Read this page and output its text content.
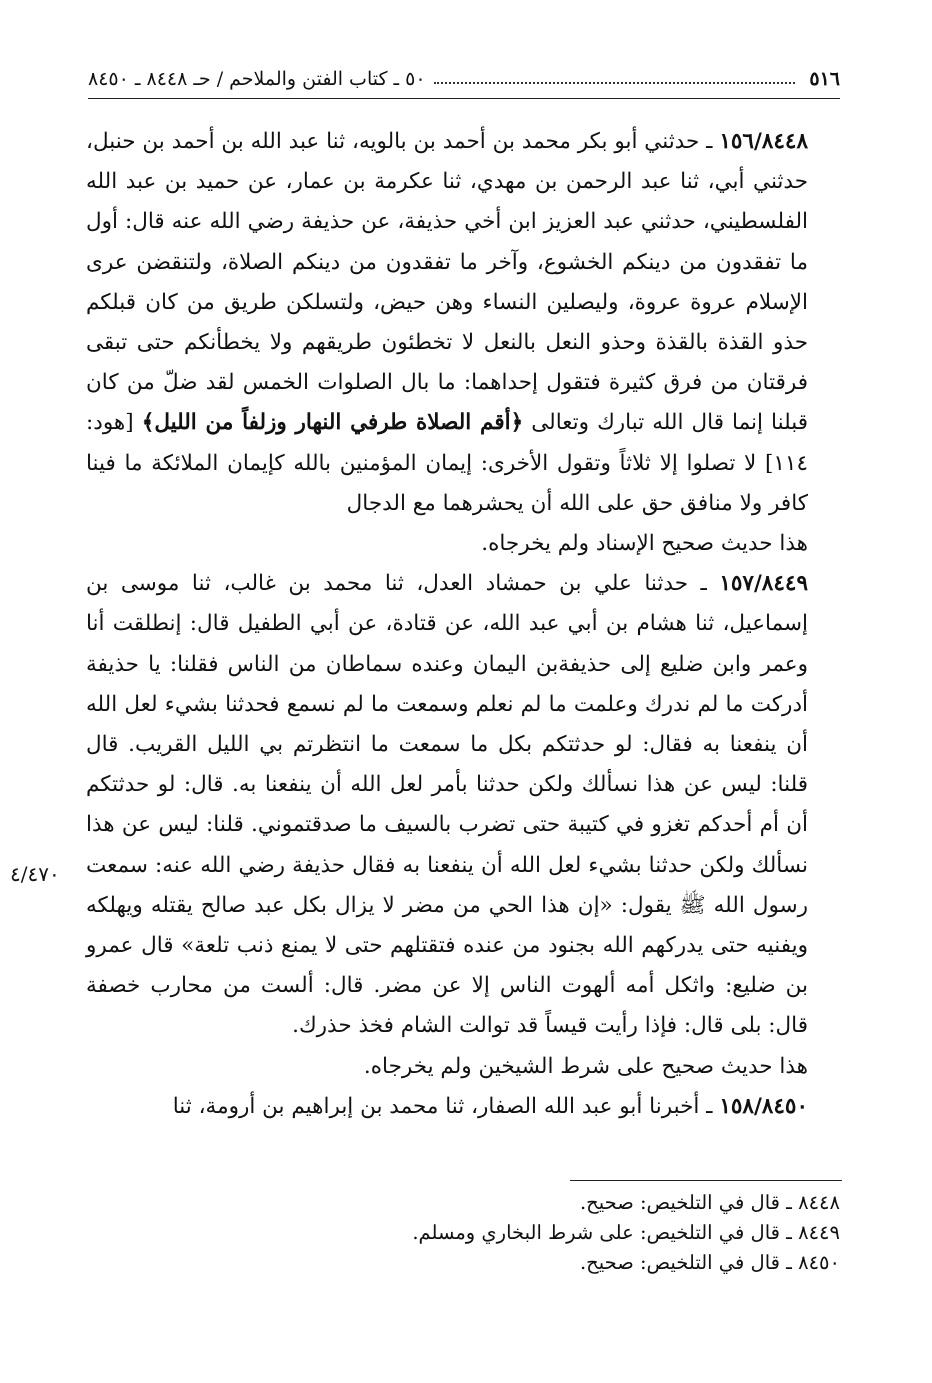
٥١٦
٥٠ ـ كتاب الفتن والملاحم / حـ ٨٤٤٨ ـ ٨٤٥٠

١٥٦/٨٤٤٨ ـ حدثني أبو بكر محمد بن أحمد بن بالويه، ثنا عبد الله بن أحمد بن حنبل، حدثني أبي، ثنا عبد الرحمن بن مهدي، ثنا عكرمة بن عمار، عن حميد بن عبد الله الفلسطيني، حدثني عبد العزيز ابن أخي حذيفة، عن حذيفة رضي الله عنه قال: أول ما تفقدون من دينكم الخشوع، وآخر ما تفقدون من دينكم الصلاة، ولتنقضن عرى الإسلام عروة عروة، وليصلين النساء وهن حيض، ولتسلكن طريق من كان قبلكم حذو القذة بالقذة وحذو النعل بالنعل لا تخطئون طريقهم ولا يخطأنكم حتى تبقى فرقتان من فرق كثيرة فتقول إحداهما: ما بال الصلوات الخمس لقد ضلّ من كان قبلنا إنما قال الله تبارك وتعالى ﴿أقم الصلاة طرفي النهار وزلفاً من الليل﴾ [هود: ١١٤] لا تصلوا إلا ثلاثاً وتقول الأخرى: إيمان المؤمنين بالله كإيمان الملائكة ما فينا كافر ولا منافق حق على الله أن يحشرهما مع الدجال

هذا حديث صحيح الإسناد ولم يخرجاه.

١٥٧/٨٤٤٩ ـ حدثنا علي بن حمشاد العدل، ثنا محمد بن غالب، ثنا موسى بن إسماعيل، ثنا هشام بن أبي عبد الله، عن قتادة، عن أبي الطفيل قال: إنطلقت أنا وعمر وابن ضليع إلى حذيفةبن اليمان وعنده سماطان من الناس فقلنا: يا حذيفة أدركت ما لم ندرك وعلمت ما لم نعلم وسمعت ما لم نسمع فحدثنا بشيء لعل الله أن ينفعنا به فقال: لو حدثتكم بكل ما سمعت ما انتظرتم بي الليل القريب. قال قلنا: ليس عن هذا نسألك ولكن حدثنا بأمر لعل الله أن ينفعنا به. قال: لو حدثتكم أن أم أحدكم تغزو في كتيبة حتى تضرب بالسيف ما صدقتموني. قلنا: ليس عن هذا نسألك ولكن حدثنا بشيء لعل الله أن ينفعنا به فقال حذيفة رضي الله عنه: سمعت رسول الله ﷺ يقول: «إن هذا الحي من مضر لا يزال بكل عبد صالح يقتله ويهلكه ويفنيه حتى يدركهم الله بجنود من عنده فتقتلهم حتى لا يمنع ذنب تلعة» قال عمرو بن ضليع: واثكل أمه ألهوت الناس إلا عن مضر. قال: ألست من محارب خصفة قال: بلى قال: فإذا رأيت قيساً قد توالت الشام فخذ حذرك.

هذا حديث صحيح على شرط الشيخين ولم يخرجاه.

١٥٨/٨٤٥٠ ـ أخبرنا أبو عبد الله الصفار، ثنا محمد بن إبراهيم بن أرومة، ثنا

٤/٤٧٠
٨٤٤٨ ـ قال في التلخيص: صحيح.
٨٤٤٩ ـ قال في التلخيص: على شرط البخاري ومسلم.
٨٤٥٠ ـ قال في التلخيص: صحيح.
